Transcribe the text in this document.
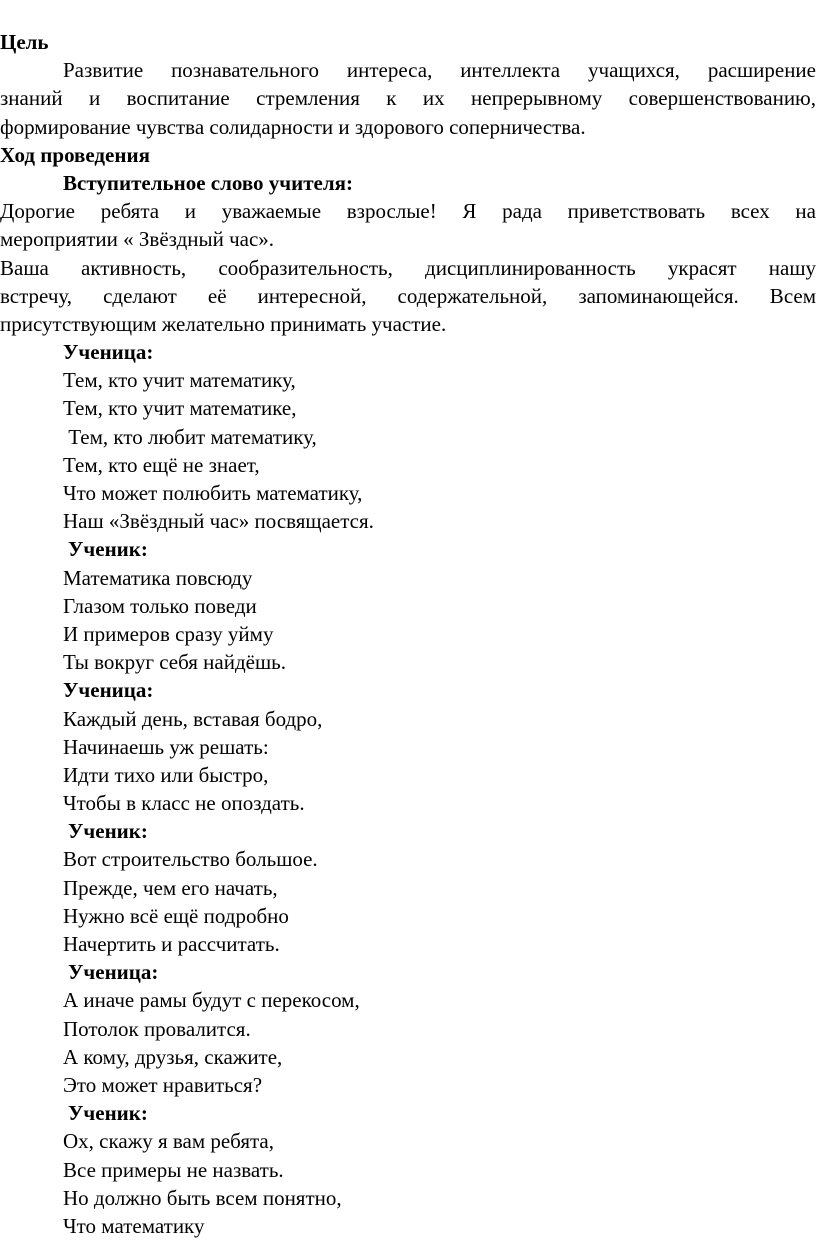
Цель

Развитие познавательного интереса, интеллекта учащихся, расширение

знаний и воспитание стремления к их непрерывному совершенствованию,

формирование чувства солидарности и здорового соперничества.

Ход проведения

Вступительное слово учителя:

Дорогие ребята и уважаемые взрослые! Я рада приветствовать всех на

мероприятии « Звёздный час».

Ваша активность, сообразительность, дисциплинированность украсят нашу

встречу, сделают её интересной, содержательной, запоминающейся. Всем

присутствующим желательно принимать участие.

Ученица:

Тем, кто учит математику,

Тем, кто учит математике,

Тем, кто любит математику,

Тем, кто ещё не знает,

Что может полюбить математику,

Наш «Звёздный час» посвящается.

Ученик:

Математика повсюду

Глазом только поведи

И примеров сразу уйму

Ты вокруг себя найдёшь.

Ученица:

Каждый день, вставая бодро,

Начинаешь уж решать:

Идти тихо или быстро,

Чтобы в класс не опоздать.

Ученик:

Вот строительство большое.

Прежде, чем его начать,

Нужно всё ещё подробно

Начертить и рассчитать.

Ученица:

А иначе рамы будут с перекосом,

Потолок провалится.

А кому, друзья, скажите,

Это может нравиться?

Ученик:

Ох, скажу я вам ребята,

Все примеры не назвать.

Но должно быть всем понятно,

Что математику
